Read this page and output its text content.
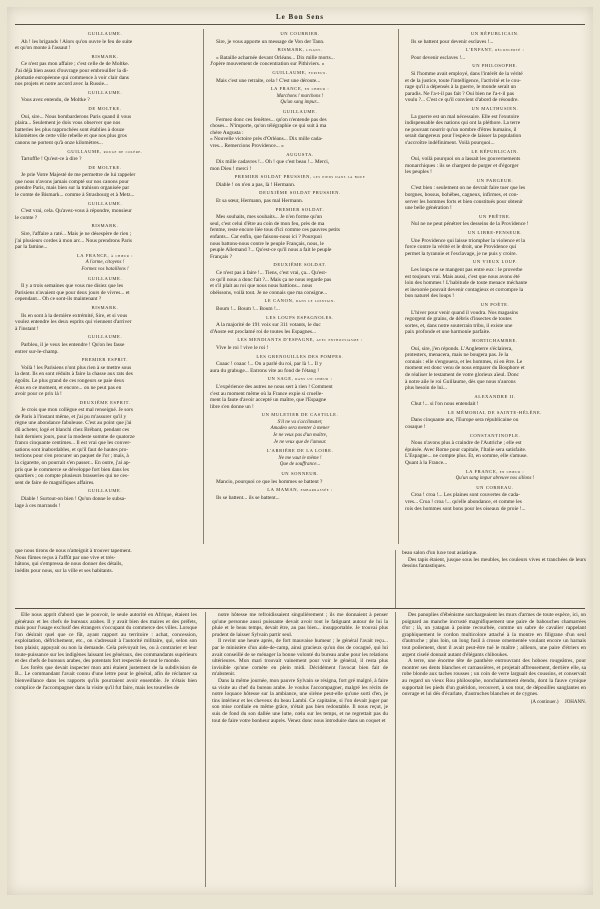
Le Bon Sens
GUILLAUME.

Ah ! les brigands ! Alors qu'on ouvre le feu de suite

et qu'on monte à l'assaut !

BISMARK.

Ce n'est pas mon affaire ; c'est celle de de Moltke.

J'ai déjà bien assez d'ouvrage pour embrouiller la di-

plomatie européenne qui commence à voir clair dans

nos projets et notre accord avec la Russie...

GUILLAUME.

Vous avez entendu, de Moltke ?

DE MOLTKE.

Oui, sire... Nous bombarderons Paris quand il vous

plaira... Seulement je dois vous observer que nos

batteries les plus rapprochées sont établies à douze

kilomètres de cette ville rebelle et que nos plus gros

canons ne portent qu'à onze kilomètres...

GUILLAUME, rouge de colère.

Tartoffle ! Qu'est-ce à dire ?

DE MOLTKE.

Je prie Votre Majesté de me permettre de lui rappeler

que nous n'avons jamais compté sur nos canons pour

prendre Paris, mais bien sur la trahison organisée par

le comte de Bismark... comme à Strasbourg et à Metz...

GUILLAUME.

C'est vrai, cela. Qu'avez-vous à répondre, monsieur

le comte ?

BISMARK.

Sire, l'affaire a raté... Mais je ne désespère de rien ;

j'ai plusieurs cordes à mon arc... Nous prendrons Paris

par la famine...

LA FRANCE, à chœur :

A l'arme, citoyens !

Formez vos bataillons !

GUILLAUME.

Il y a trois semaines que vous me disiez que les

Parisiens n'avaient que pour deux jours de vivres... et

cependant... Oh ce sont-ils maintenant ?

BISMARK.

Ils en sont à la dernière extrémité, Sire, et si vous

voulez entendre les deux esprits qui viennent d'arriver

à l'instant !

GUILLAUME.

Parbleu, il je veux les entendre ! Qu'on les fasse

entrer sur-le-champ.

PREMIER ESPRIT.

Voilà ! les Parisiens n'ont plus rien à se mettre sous

la dent. Ils en sont réduits à faire la chasse aux rats des

égoûts. Le plus grand de ces rongeurs se paie deux

écus en ce moment, et encore... on ne peut pas en

avoir pour ce prix là !

DEUXIÈME ESPRIT.

Je crois que mon collègue est mal renseigné. Je sors

de Paris à l'instant même, et j'ai pu m'assurer qu'il y

règne une abondance fabuleuse. C'est au point que j'ai

dû acheter, logé et blanchi chez Brébant, pendant ces

huit derniers jours, pour la modeste somme de quatorze

francs cinquante centimes... Il est vrai que les conver-

sations sont inabordables, et qu'il faut de hautes pro-

tections pour s'en procurer un paquet de l'or ; mais, à

la cigarette, on pourrait s'en passer... En outre, j'ai ap-

pris que le commerce se développe fort bien dans les

quartiers ; on compte plusieurs brasseries qui ne ces-

sent de faire de magnifiques affaires.

GUILLAUME.

Diable ! Surtout-on bien ! Qu'on donne le subsa-

lage à ces marrauds !

UN COURRIER.

Sire, je vous apporte un message de Von der Tann.

BISMARK, lisant.

« Bataille acharnée devant Orléans... Dix mille morts...

J'opère mouvement de concentration sur Pithiviers. »

GUILLAUME, furieux.

Mais c'est une retraite, cela ! C'est une déroute...

LA FRANCE, en chœur :

Marchons ! marchons !

Qu'un sang impur...

GUILLAUME.

Fermez donc ces fenêtres... qu'on n'entende pas des

choses... N'importe, qu'on télégraphie ce qui suit à ma

chère Augusta :

« Nouvelle victoire près d'Orléans... Dix mille cada-

vres... Remercions Providence... »

AUGUSTA.

Dix mille cadavres !... Oh ! que c'est beau !... Merci,

mon Dieu ! merci !

PREMIER SOLDAT PRUSSIEN, les pieds dans la boue

Diable ! on n'en a pas, là ! Hermann.

DEUXIÈME SOLDAT PRUSSIEN.

Et sa sœur, Hermann, pas mal Hermann.

PREMIER SOLDAT.

Mes souhaits, mes souhaits... Je n'en forme qu'un

seul, c'est celui d'être au coin de mon feu, près de ma

femme, reste encore liée tous d'ici comme ces pauvres petits

enfants... Car enfin, que faisons-nous ici ? Pourquoi

nous battons-nous contre le peuple Français, nous, le

peuple Allemand ?... Qu'est-ce qu'il nous a fait le peuple

Français ?

DEUXIÈME SOLDAT.

Ce n'est pas à faire !... Tiens, c'est vrai, ça... Qu'est-

ce qu'il nous a donc fait ?... Mais ça ne nous regarde pas

et s'il plait au roi que nous nous battions... nous

obéissons, voilà tout. Je ne connais que ma consigne...

LE CANON, dans le lointain.

Boum !... Boum !... Boum !...

LES LOUPS ESPAGNOLES.

A la majorité de 191 voix sur 311 votants, le duc

d'Aoste est proclamé roi de toutes les Espagnes...

LES MENDIANTS D'ESPAGNE, avec enthousiasme :

Vive le roi ! vive le roi !

LES GRENOUILLES DES POMPES.

Coaac ! coaac !... On a parlé du roi, par là !... Il y

aura du grabuge... Entrons vite au fond de l'étang !

UN SAGE, dans un chœur :

L'expérience des autres ne nous sert à rien ! Comment

c'est au moment même où la France expie si cruelle-

ment la faute d'avoir accepté un maître, que l'Espagne

libre s'en donne un !

UN MULETIER DE CASTILLE.

S'il ne va s'acclimater,

Amadeo sera menter à mener

Je ne veux pas d'un maître,

Je ne veux que de l'amour.

L'ARRIÈRE DE LA LOIRE.

Ne me vaut le même !

Que de souffrance...

UN SONNEUR.

Mancio, pourquoi ce que les hommes se battent ?

LA MAMAN, embarrassée :

Ils se battent... ils se battent...

UN RÉPUBLICAIN.

Ils se battent pour devenir esclaves !...

L'ENFANT, déconcerté :

Pour devenir esclaves !...

UN PHILOSOPHE.

Si l'homme avait employé, dans l'intérêt de la vérité

et de la justice, toute l'intelligence, l'activité et le cou-

rage qu'il a dépensés à la guerre, le monde serait un

paradis. Ne l'a-t-il pas fait ? Oui bien ne l'a-t-il pas

voulu ?... C'est ce qu'il convient d'abord de résoudre.

UN MALTHUSIEN.

La guerre est un mal nécessaire. Elle est l'exutoire

indispensable des nations qui ont la pléthore. La terre

ne pouvant nourrir qu'un nombre d'êtres humains, il

serait dangereux pour l'espèce de laisser la population

s'accroître indéfiniment. Voilà pourquoi...

LE RÉPUBLICAIN.

Oui, voilà pourquoi on a lassait les gouvernements

monarchiques : ils se chargent de purger et d'égorger

les peuples !

UN PARGEUR.

C'est bien : seulement on ne devrait faire tuer que les

borgnes, bossus, bohèbes, cagneux, infirmes, et con-

server les hommes forts et bien constitués pour obtenir

une belle génération !

UN PRÊTRE.

Nul ne ne peut pénétrer les desseins de la Providence !

UN LIBRE-PENSEUR.

Une Providence qui laisse triompher la violence et la

force contre la vérité et le droit, une Providence qui

permet la tyrannie et l'esclavage, je ne puis y croire.

UN VIEUX LOUP.

Les loups ne se mangent pas entre eux : le proverbe

est toujours vrai. Mais aussi, c'est que nous avons été

loin des hommes ! L'habitude de toute menace méchante

et inexorée pouvait devenir contagieux et corrompre la

bon naturel des loups !

UN POÈTE.

L'hiver pour venir quand il voudra. Nos magasins

regorgent de grains, de débris d'insectes de toutes

sortes, et, dans notre souterrain tribu, il existe une

paix profonde et une harmonie parfaite.

HORTICHAMBRE.

Oui, sire, j'en réponds. L'Angleterre s'éclairera,

protesters, menacera, mais ne bougera pas. Je la

connais : elle s'engouera, et les hommes, ni en être. Le

moment est donc venu de nous emparer du Bosphore et

de réaliser le testament de votre glorieux aïeul. Donc

à notre aile le roi Guillaume, dès que nous n'aurons

plus besoin de lui...

ALEXANDRE II.

Chut !... si l'on nous entendait !

LE MÉMORIAL DE SAINTE-HÉLÈNE.

Dans cinquante ans, l'Europe sera républicaine ou

cosaque !

CONSTANTINOPLE.

Nous n'avons plus à craindre de l'Autriche ; elle est

épuisée. Avec Rome pour capitale, l'Italie sera satisfaite.

L'Espagne... ne compte plus. Et, en somme, elle s'amuse.

Quant à la France...

LA FRANCE, en chœur :

Qu'un sang impur abreuve nos sillons !

UN CORBEAU.

Croa ! croa !... Les plaines sont couvertes de cada-

vres... Croa ! croa !... qu'elle abondance, et comme les

rois des hommes sont bons pour les oiseaux de proie !...

que nous tirons de nous n'atteignit à trouver tapement.

Nous fûmes reçus à l'affût par une vive et très-

hâtons, qui s'empressa de nous donner des détails,

inédits pour nous, sur la ville et ses habitants.

beau salon d'un luxe tout asiatique.

Des tapis étaient, jusque sous les meubles, les couleurs vives et tranchées de leurs dessins fantastiques.

Elle nous apprit d'abord que le pouvoir, le seule autorité en Afrique, étaient les généraux et les chefs de bureaux arabes. Il y avait bien des maires et des préfets, mais pour l'usage exclusif des étrangers s'occupant du commerce des villes. Lorsque l'on désirait quel que ce fût, ayant rapport au territoire : achat, concession, exploitation, défrichement, etc., on s'adressait à l'autorité militaire, qui, selon son bon plaisir, appuyait ou non la demande. Cela prévoyait les, ou à contrarier et leur toute-puissance sur les indigènes laissant les généraux, des commandants supérieurs et des chefs de bureaux arabes, des potentats fort respectés de tout le monde.

Les forêts que devait inspecter mon ami étaient justement de la subdivision de B... Le commandant l'avait connu d'une lettre pour le général, afin de réclamer sa bienveillance dans les rapports qu'ils pourraient avoir ensemble. Je n'étais bien complice de l'accompagner dans la visite qu'il fut faire, mais les tourelles de

notre hôtesse me refroidissaient singulièrement ; ils me donnaient à penser qu'une personne aussi puissante devait avoir tout le fatiguant autour de lui la pluie et le beau temps, devait être, au pas bien... insupportable. Je trouvai plus prudent de laisser Sylvain partir seul.

Il revint une heure après, de fort mauvaise humeur ; le général l'avait reçu... par le ministère d'un aide-de-camp, ainsi gracieux qu'un dos de cocagné, qui lui avait conseillé de se ménager la bonne volonté du bureau arabe pour les relations ultérieures. Mon mari trouvait vainement pour voir le général, il resta plus invisible qu'une comète en plein midi. Décidément l'avocat bien fait de m'abstenir.

Dans la même journée, mon pauvre Sylvain se résigna, fort gré malgré, à faire sa visite au chef du bureau arabe. Je voulus l'accompagner, malgré les récits de notre loquace hôtesse sur la ambiance, une sirène peut-elle qu'une sorti d'en, je tins intérieur et les cheveux du beau Lambi. Ce capitaine, si l'on devait juger par son mise cordiale en même grâce, n'était pas bien redoutable. Il nous reçut, je suis de fond du son dallée une lutte, cœlu sur les temps, et ne regrettait pas du tout de faire votre bonheur auprès. Venez donc nous introduire dans un coquet et

Des panoplies d'ébénisme surchargeaient les murs d'armes de toute espèce, ici, on poignard au manche incrusté magnifiquement une paire de babouches chamarrées d'or ; là, un yatagan à pointe recourbée, comme un sabre de cavalier rappelant graphiquement le cordon multicolore attaché à la montre en filigrane d'un seul d'autruche ; plus loin, un long fusil à crosse ornementée voulant encore un harnais tout poilement, dont il avait peut-être tué le maître ; ailleurs, une paire d'étriers en argent ciselé donnait autant d'élégants chiboukes.

A terre, une énorme tête de panthère entrouvrant des hoboes rougeâtres, pour montrer ses dents blanches et carnassières, et projetait affreusement, derrière elle, sa robe blonde aux taches rousses ; un coin de verre larguait des coussins, et conservait au regard un vieux Rou philosophe, nonchalamment étendu, dont la fauve cynique supportait les pieds d'un guéridon, recouvert, à son tour, de dépouilles sanglantes en ouvrage et lui dés d'écarlate, d'autruches blanches et de cygnes.

(A continuer.) JOHANN.
